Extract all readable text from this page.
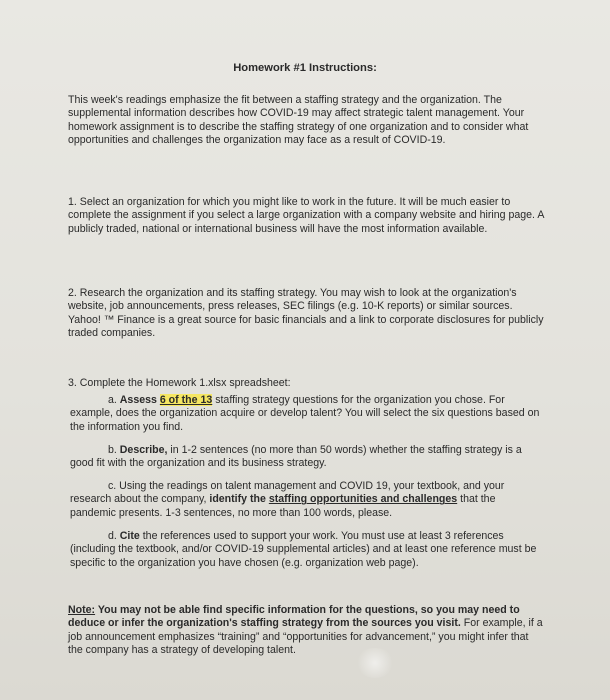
Homework #1 Instructions:
This week's readings emphasize the fit between a staffing strategy and the organization. The supplemental information describes how COVID-19 may affect strategic talent management. Your homework assignment is to describe the staffing strategy of one organization and to consider what opportunities and challenges the organization may face as a result of COVID-19.
1. Select an organization for which you might like to work in the future. It will be much easier to complete the assignment if you select a large organization with a company website and hiring page. A publicly traded, national or international business will have the most information available.
2. Research the organization and its staffing strategy. You may wish to look at the organization's website, job announcements, press releases, SEC filings (e.g. 10-K reports) or similar sources. Yahoo! ™ Finance is a great source for basic financials and a link to corporate disclosures for publicly traded companies.
3. Complete the Homework 1.xlsx spreadsheet:
a. Assess 6 of the 13 staffing strategy questions for the organization you chose. For example, does the organization acquire or develop talent? You will select the six questions based on the information you find.
b. Describe, in 1-2 sentences (no more than 50 words) whether the staffing strategy is a good fit with the organization and its business strategy.
c. Using the readings on talent management and COVID 19, your textbook, and your research about the company, identify the staffing opportunities and challenges that the pandemic presents. 1-3 sentences, no more than 100 words, please.
d. Cite the references used to support your work. You must use at least 3 references (including the textbook, and/or COVID-19 supplemental articles) and at least one reference must be specific to the organization you have chosen (e.g. organization web page).
Note: You may not be able find specific information for the questions, so you may need to deduce or infer the organization's staffing strategy from the sources you visit. For example, if a job announcement emphasizes “training” and “opportunities for advancement,” you might infer that the company has a strategy of developing talent.
